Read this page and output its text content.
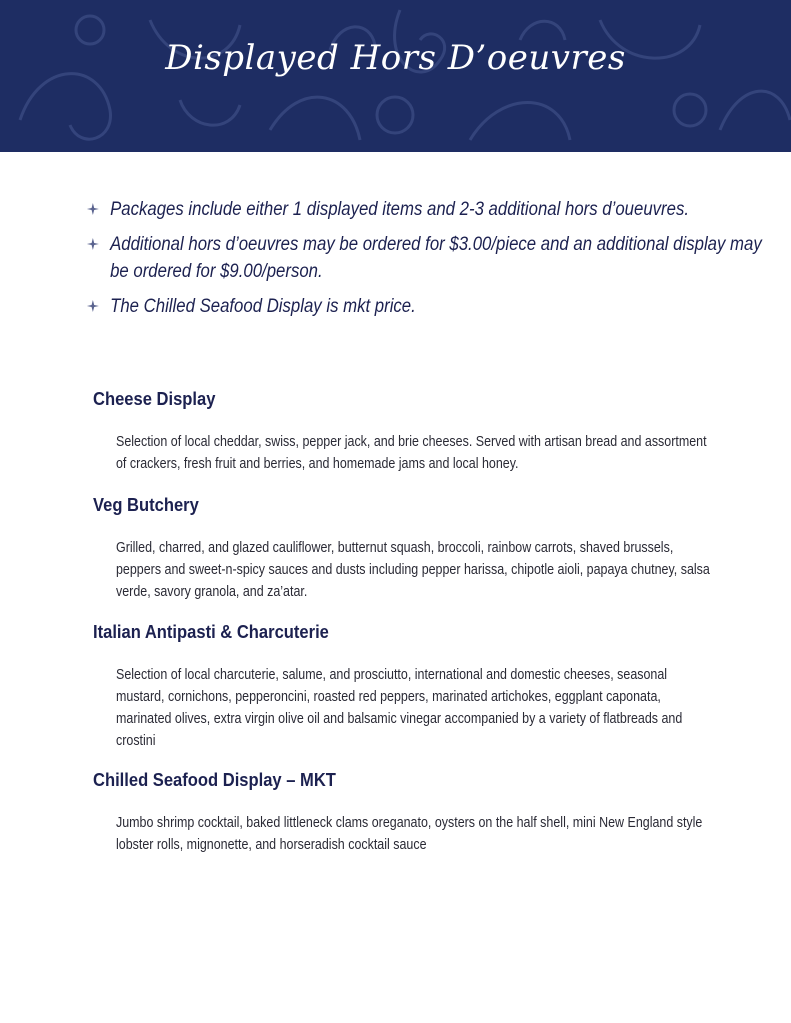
Displayed Hors D’oeuvres
Packages include either 1 displayed items and 2-3 additional hors d’oueuvres.
Additional hors d’oeuvres may be ordered for $3.00/piece and an additional display may be ordered for $9.00/person.
The Chilled Seafood Display is mkt price.
Cheese Display
Selection of local cheddar, swiss, pepper jack, and brie cheeses. Served with artisan bread and assortment of crackers, fresh fruit and berries, and homemade jams and local honey.
Veg Butchery
Grilled, charred, and glazed cauliflower, butternut squash, broccoli, rainbow carrots, shaved brussels, peppers and sweet-n-spicy sauces and dusts including pepper harissa, chipotle aioli, papaya chutney, salsa verde, savory granola, and za’atar.
Italian Antipasti & Charcuterie
Selection of local charcuterie, salume, and prosciutto, international and domestic cheeses, seasonal mustard, cornichons, pepperoncini, roasted red peppers, marinated artichokes, eggplant caponata, marinated olives, extra virgin olive oil and balsamic vinegar accompanied by a variety of flatbreads and crostini
Chilled Seafood Display – MKT
Jumbo shrimp cocktail, baked littleneck clams oreganato, oysters on the half shell, mini New England style lobster rolls, mignonette, and horseradish cocktail sauce
